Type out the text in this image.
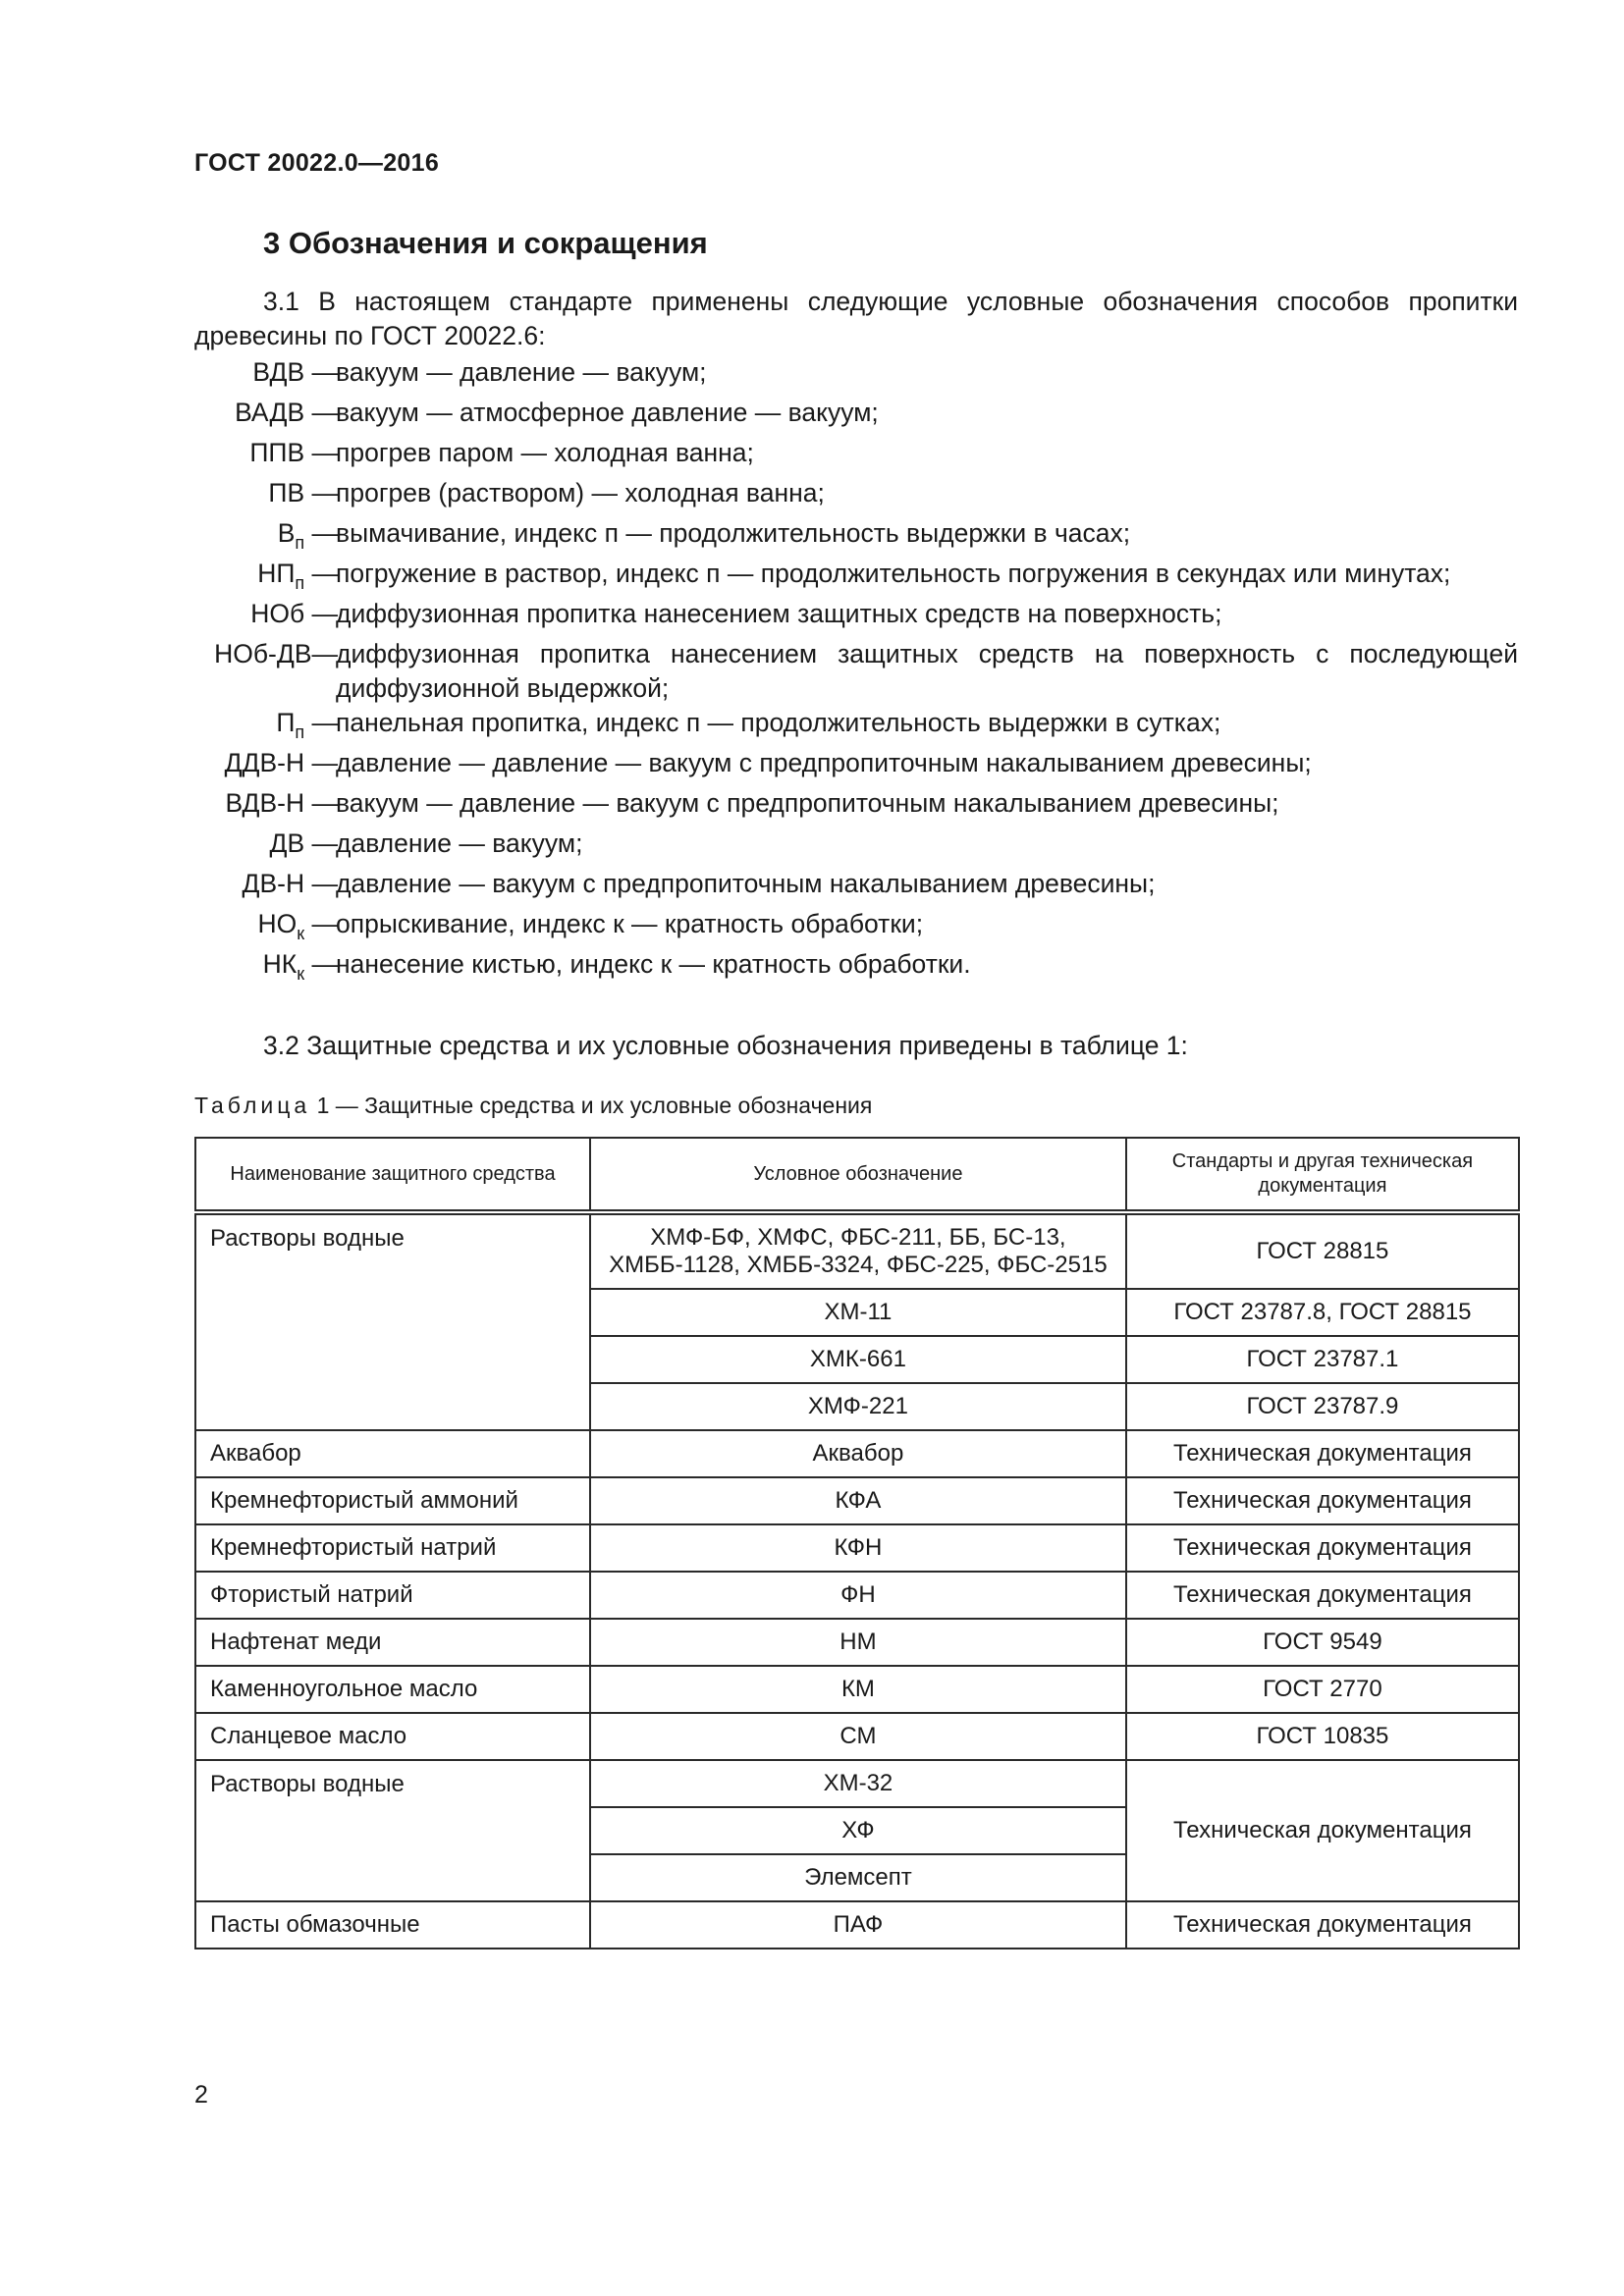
ГОСТ 20022.0—2016
3 Обозначения и сокращения
3.1 В настоящем стандарте применены следующие условные обозначения способов пропитки древесины по ГОСТ 20022.6:
ВДВ —
вакуум — давление — вакуум;
ВАДВ —
вакуум — атмосферное давление — вакуум;
ППВ —
прогрев паром — холодная ванна;
ПВ —
прогрев (раствором) — холодная ванна;
$В_п$ —
вымачивание, индекс п — продолжительность выдержки в часах;
$НП_п$ —
погружение в раствор, индекс п — продолжительность погружения в секундах или минутах;
НОб —
диффузионная пропитка нанесением защитных средств на поверхность;
НОб-ДВ—
диффузионная пропитка нанесением защитных средств на поверхность с последующей диффузионной выдержкой;
$П_п$ —
панельная пропитка, индекс п — продолжительность выдержки в сутках;
ДДВ-Н —
давление — давление — вакуум с предпропиточным накалыванием древесины;
ВДВ-Н —
вакуум — давление — вакуум с предпропиточным накалыванием древесины;
ДВ —
давление — вакуум;
ДВ-Н —
давление — вакуум с предпропиточным накалыванием древесины;
$НО_к$ —
опрыскивание, индекс к — кратность обработки;
$НК_к$ —
нанесение кистью, индекс к — кратность обработки.
3.2 Защитные средства и их условные обозначения приведены в таблице 1:
Таблица 1 — Защитные средства и их условные обозначения
Наименование защитного средства	Условное обозначение	Стандарты и другая техническая документация
Растворы водные	ХМФ-БФ, ХМФС, ФБС-211, ББ, БС-13, ХМББ-1128, ХМББ-3324, ФБС-225, ФБС-2515	ГОСТ 28815
	ХМ-11	ГОСТ 23787.8, ГОСТ 28815
	ХМК-661	ГОСТ 23787.1
	ХМФ-221	ГОСТ 23787.9
Аквабор	Аквабор	Техническая документация
Кремнефтористый аммоний	КФА	Техническая документация
Кремнефтористый натрий	КФН	Техническая документация
Фтористый натрий	ФН	Техническая документация
Нафтенат меди	НМ	ГОСТ 9549
Каменноугольное масло	КМ	ГОСТ 2770
Сланцевое масло	СМ	ГОСТ 10835
Растворы водные	ХМ-32	Техническая документация
	ХФ	
	Элемсепт	
Пасты обмазочные	ПАФ	Техническая документация
2
